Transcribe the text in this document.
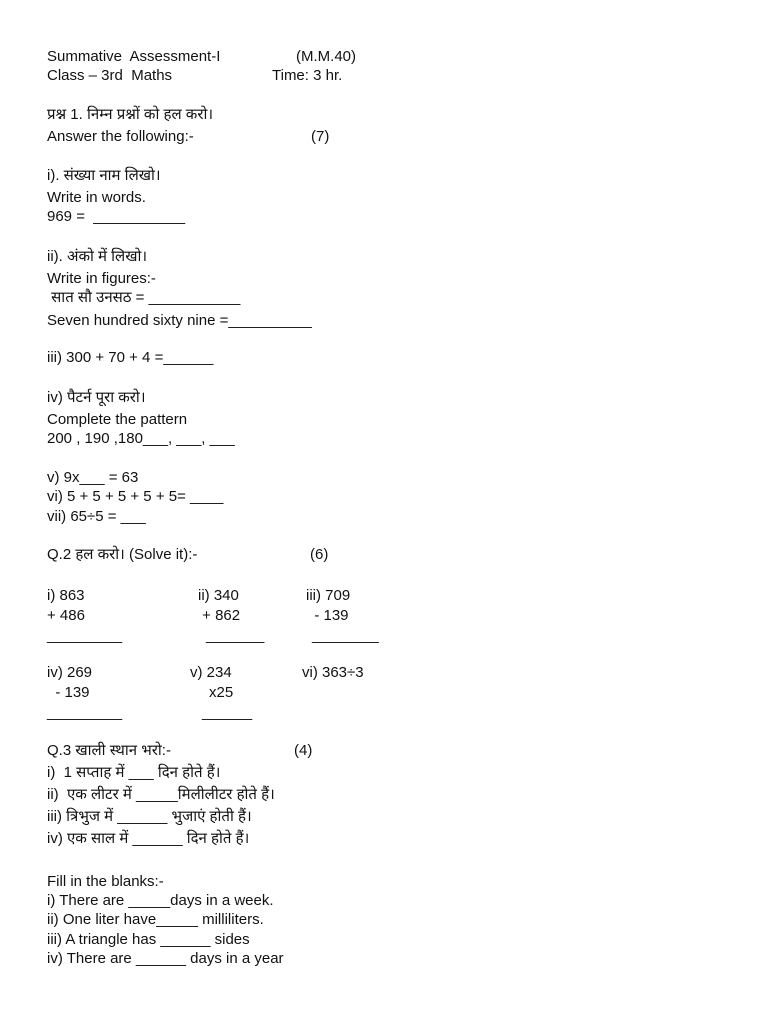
Summative  Assessment-I	(M.M.40)
Class – 3rd  Maths	Time: 3 hr.
प्रश्न 1. निम्न प्रश्नों को हल करो।
Answer the following:-	(7)
i). संख्या नाम लिखो।
Write in words.
969 =  ___________
ii). अंको में लिखो।
Write in figures:-
सात सौ उनसठ = ___________
Seven hundred sixty nine =__________
iii) 300 + 70 + 4 =______
iv) पैटर्न पूरा करो।
Complete the pattern
200 , 190 ,180___, ___, ___
v) 9x___ = 63
vi) 5 + 5 + 5 + 5 + 5= ____
vii) 65÷5 = ___
Q.2 हल करो। (Solve it):-	(6)
i) 863
+ 486
_________
ii) 340
+ 862
_______
iii) 709
- 139
________
iv) 269
- 139
_________
v) 234
x25
______
vi) 363÷3
Q.3 खाली स्थान भरो:-	(4)
i)  1 सप्ताह में ___ दिन होते हैं।
ii)  एक लीटर में _____मिलीलीटर होते हैं।
iii) त्रिभुज में ______ भुजाएं होती हैं।
iv) एक साल में ______ दिन होते हैं।
Fill in the blanks:-
i) There are _____days in a week.
ii) One liter have_____ milliliters.
iii) A triangle has ______ sides
iv) There are ______ days in a year
